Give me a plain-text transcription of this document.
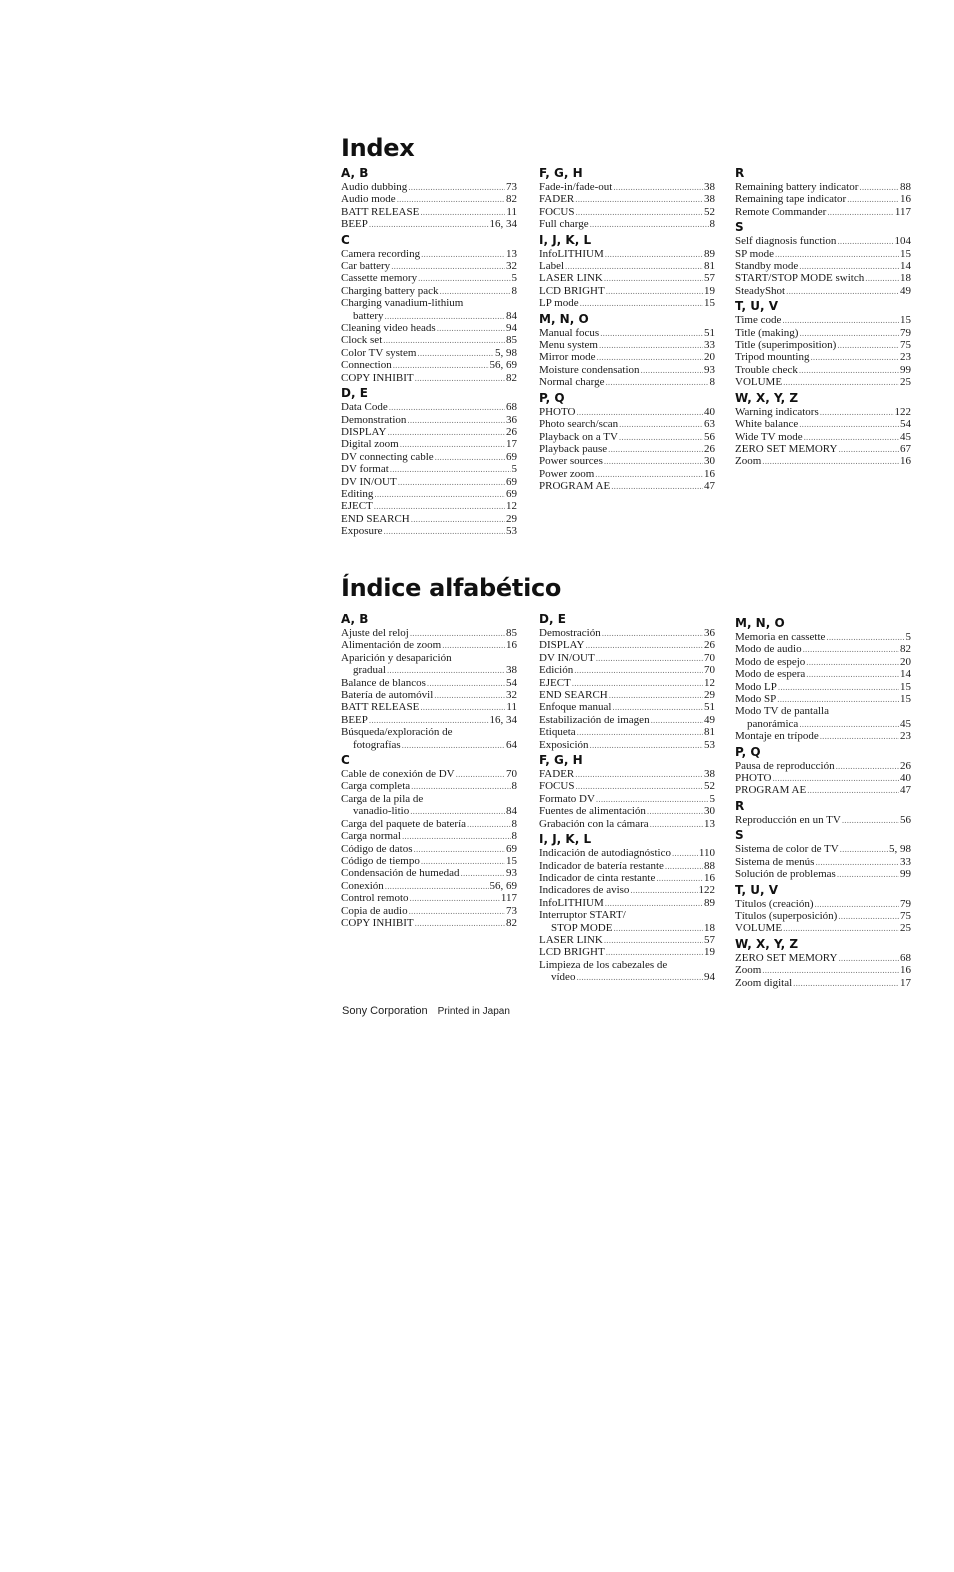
Index
A, B
Audio dubbing .....	73
Audio mode .....	82
BATT RELEASE .....	11
BEEP .....	16, 34
C
Camera recording .....	13
Car battery .....	32
Cassette memory .....	5
Charging battery pack .....	8
Charging vanadium-lithium
battery .....	84
Cleaning video heads .....	94
Clock set .....	85
Color TV system .....	5, 98
Connection .....	56, 69
COPY INHIBIT .....	82
D, E
Data Code .....	68
Demonstration .....	36
DISPLAY .....	26
Digital zoom .....	17
DV connecting cable .....	69
DV format .....	5
DV IN/OUT .....	69
Editing .....	69
EJECT .....	12
END SEARCH .....	29
Exposure .....	53
F, G, H
Fade-in/fade-out .....	38
FADER .....	38
FOCUS .....	52
Full charge .....	8
I, J, K, L
InfoLITHIUM .....	89
Label .....	81
LASER LINK .....	57
LCD BRIGHT .....	19
LP mode .....	15
M, N, O
Manual focus .....	51
Menu system .....	33
Mirror mode .....	20
Moisture condensation .....	93
Normal charge .....	8
P, Q
PHOTO .....	40
Photo search/scan .....	63
Playback on a TV .....	56
Playback pause .....	26
Power sources .....	30
Power zoom .....	16
PROGRAM AE .....	47
R
Remaining battery indicator .....	88
Remaining tape indicator .....	16
Remote Commander .....	117
S
Self diagnosis function .....	104
SP mode .....	15
Standby mode .....	14
START/STOP MODE switch .....	18
SteadyShot .....	49
T, U, V
Time code .....	15
Title (making) .....	79
Title (superimposition) .....	75
Tripod mounting .....	23
Trouble check .....	99
VOLUME .....	25
W, X, Y, Z
Warning indicators .....	122
White balance .....	54
Wide TV mode .....	45
ZERO SET MEMORY .....	67
Zoom .....	16
Índice alfabético
A, B
Ajuste del reloj .....	85
Alimentación de zoom .....	16
Aparición y desaparición
gradual .....	38
Balance de blancos .....	54
Batería de automóvil .....	32
BATT RELEASE .....	11
BEEP .....	16, 34
Búsqueda/exploración de
fotografías .....	64
C
Cable de conexión de DV .....	70
Carga completa .....	8
Carga de la pila de
vanadio-litio .....	84
Carga del paquete de batería .....	8
Carga normal .....	8
Código de datos .....	69
Código de tiempo .....	15
Condensación de humedad .....	93
Conexión .....	56, 69
Control remoto .....	117
Copia de audio .....	73
COPY INHIBIT .....	82
D, E
Demostración .....	36
DISPLAY .....	26
DV IN/OUT .....	70
Edición .....	70
EJECT .....	12
END SEARCH .....	29
Enfoque manual .....	51
Estabilización de imagen .....	49
Etiqueta .....	81
Exposición .....	53
F, G, H
FADER .....	38
FOCUS .....	52
Formato DV .....	5
Fuentes de alimentación .....	30
Grabación con la cámara .....	13
I, J, K, L
Indicación de autodiagnóstico .....	110
Indicador de batería restante .....	88
Indicador de cinta restante .....	16
Indicadores de aviso .....	122
InfoLITHIUM .....	89
Interruptor START/
STOP MODE .....	18
LASER LINK .....	57
LCD BRIGHT .....	19
Limpieza de los cabezales de
vídeo .....	94
M, N, O
Memoria en cassette .....	5
Modo de audio .....	82
Modo de espejo .....	20
Modo de espera .....	14
Modo LP .....	15
Modo SP .....	15
Modo TV de pantalla
panorámica .....	45
Montaje en trípode .....	23
P, Q
Pausa de reproducción .....	26
PHOTO .....	40
PROGRAM AE .....	47
R
Reproducción en un TV .....	56
S
Sistema de color de TV .....	5, 98
Sistema de menús .....	33
Solución de problemas .....	99
T, U, V
Títulos (creación) .....	79
Títulos (superposición) .....	75
VOLUME .....	25
W, X, Y, Z
ZERO SET MEMORY .....	68
Zoom .....	16
Zoom digital .....	17
Sony Corporation Printed in Japan
